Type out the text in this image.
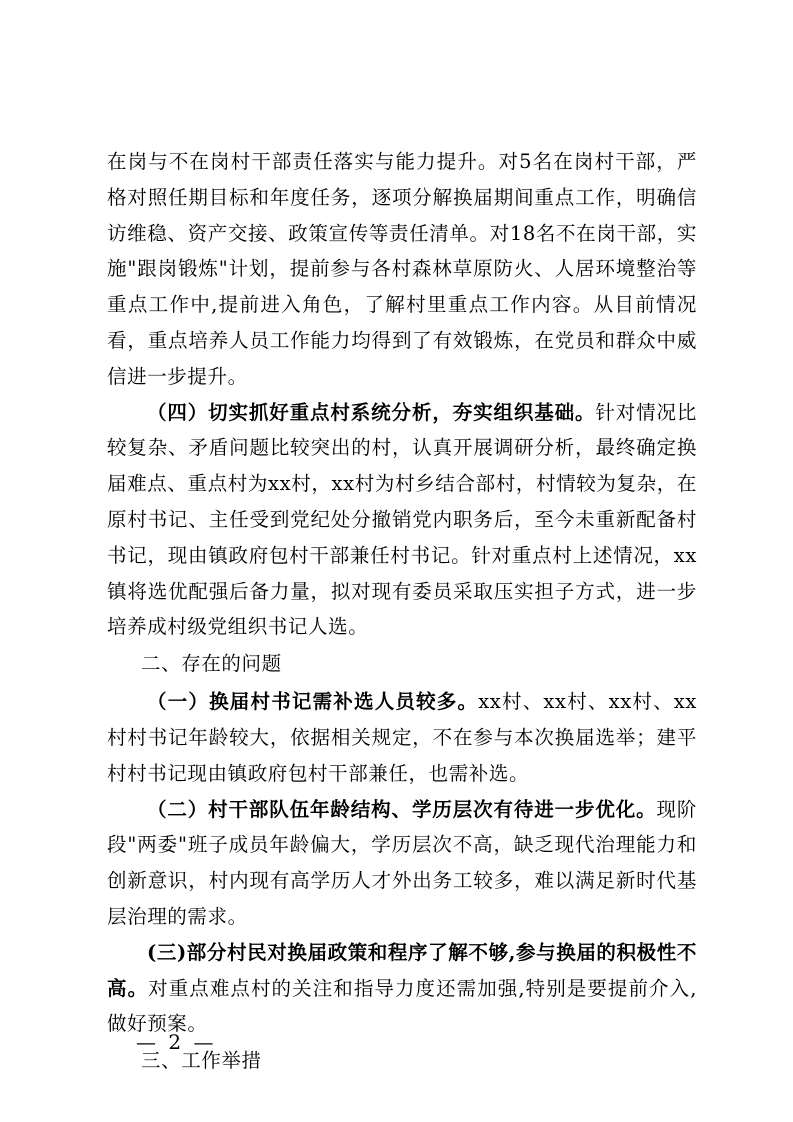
在岗与不在岗村干部责任落实与能力提升。对5名在岗村干部，严格对照任期目标和年度任务，逐项分解换届期间重点工作，明确信访维稳、资产交接、政策宣传等责任清单。对18名不在岗干部，实施"跟岗锻炼"计划，提前参与各村森林草原防火、人居环境整治等重点工作中,提前进入角色，了解村里重点工作内容。从目前情况看，重点培养人员工作能力均得到了有效锻炼，在党员和群众中威信进一步提升。

（四）切实抓好重点村系统分析，夯实组织基础。针对情况比较复杂、矛盾问题比较突出的村，认真开展调研分析，最终确定换届难点、重点村为xx村，xx村为村乡结合部村，村情较为复杂，在原村书记、主任受到党纪处分撤销党内职务后，至今未重新配备村书记，现由镇政府包村干部兼任村书记。针对重点村上述情况，xx镇将选优配强后备力量，拟对现有委员采取压实担子方式，进一步培养成村级党组织书记人选。

二、存在的问题

（一）换届村书记需补选人员较多。xx村、xx村、xx村、xx村村书记年龄较大，依据相关规定，不在参与本次换届选举；建平村村书记现由镇政府包村干部兼任，也需补选。

（二）村干部队伍年龄结构、学历层次有待进一步优化。现阶段"两委"班子成员年龄偏大，学历层次不高，缺乏现代治理能力和创新意识，村内现有高学历人才外出务工较多，难以满足新时代基层治理的需求。

(三)部分村民对换届政策和程序了解不够,参与换届的积极性不高。对重点难点村的关注和指导力度还需加强,特别是要提前介入,做好预案。

三、工作举措
— 2 —
